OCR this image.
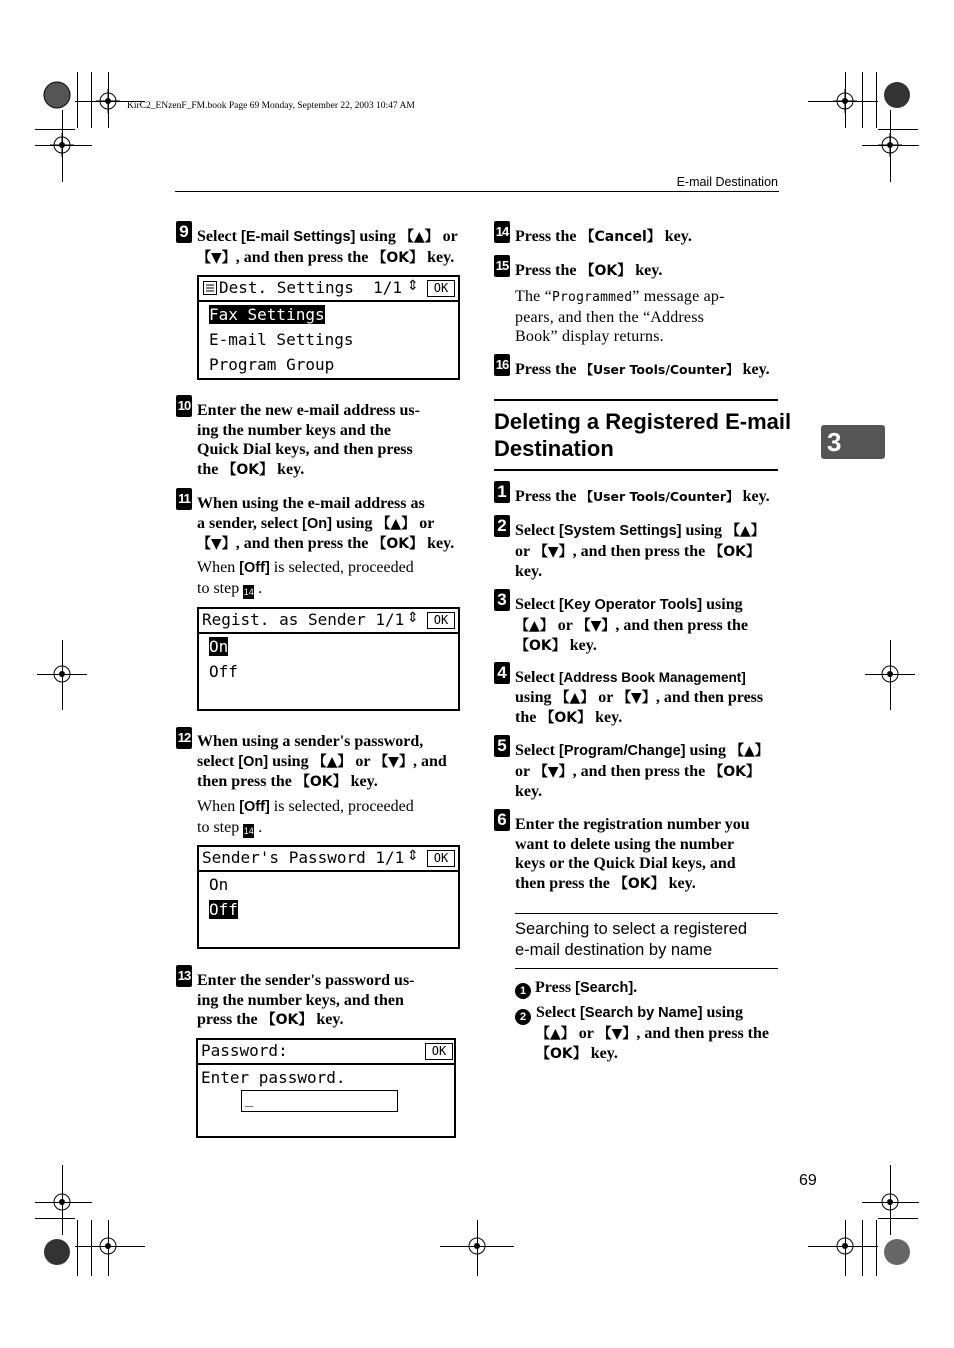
KirC2_ENzenF_FM.book Page 69 Monday, September 22, 2003 10:47 AM
E-mail Destination
3
9 Select [E-mail Settings] using 【▲】 or
【▼】, and then press the 【OK】 key.
Dest. Settings  1/1 ⇕	OK
Fax Settings
E-mail Settings
Program Group
10 Enter the new e-mail address us-
ing the number keys and the
Quick Dial keys, and then press
the 【OK】 key.
11 When using the e-mail address as
a sender, select [On] using 【▲】 or
【▼】, and then press the 【OK】 key.
When [Off] is selected, proceeded
to step 14 .
Regist. as Sender 1/1 ⇕	OK
On
Off
12 When using a sender's password,
select [On] using 【▲】 or 【▼】, and
then press the 【OK】 key.
When [Off] is selected, proceeded
to step 14 .
Sender's Password 1/1 ⇕	OK
On
Off
13 Enter the sender's password us-
ing the number keys, and then
press the 【OK】 key.
Password:	OK
Enter password.
_
14 Press the 【Cancel】 key.
15 Press the 【OK】 key.
The “Programmed” message ap-
pears, and then the “Address
Book” display returns.
16 Press the 【User Tools/Counter】 key.
Deleting a Registered E-mail
Destination
1 Press the 【User Tools/Counter】 key.
2 Select [System Settings] using 【▲】
or 【▼】, and then press the 【OK】
key.
3 Select [Key Operator Tools] using
【▲】 or 【▼】, and then press the
【OK】 key.
4 Select [Address Book Management]
using 【▲】 or 【▼】, and then press
the 【OK】 key.
5 Select [Program/Change] using 【▲】
or 【▼】, and then press the 【OK】
key.
6 Enter the registration number you
want to delete using the number
keys or the Quick Dial keys, and
then press the 【OK】 key.
Searching to select a registered
e-mail destination by name
1 Press [Search].
2 Select [Search by Name] using
【▲】 or 【▼】, and then press the
【OK】 key.
69
